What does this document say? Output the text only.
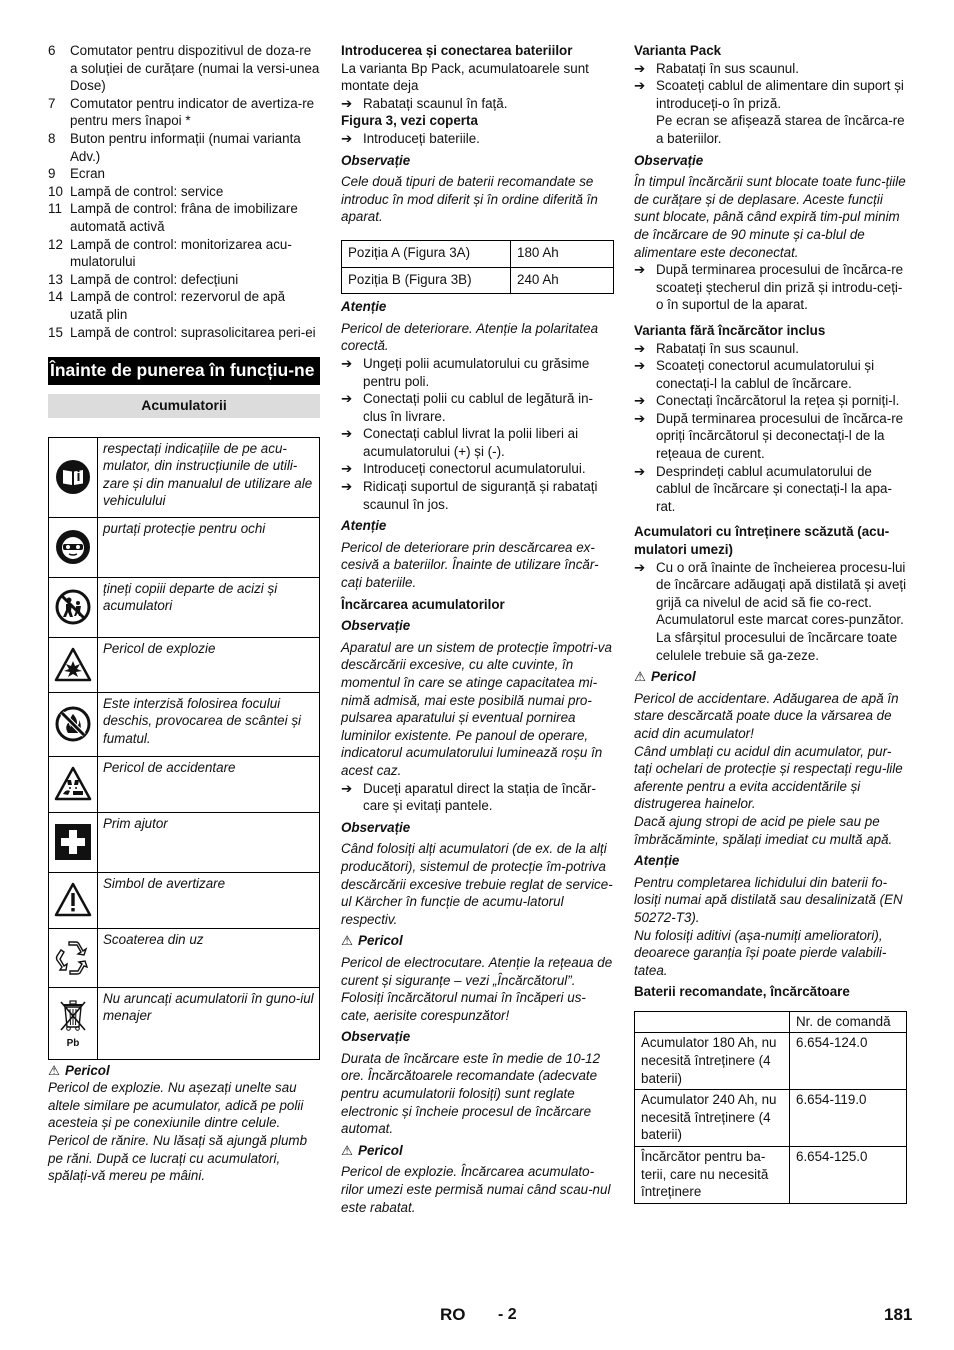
6	Comutator pentru dispozitivul de doza-re a soluției de curățare (numai la versi-unea Dose)
7	Comutator pentru indicator de avertiza-re pentru mers înapoi *
8	Buton pentru informații (numai varianta Adv.)
9	Ecran
10 Lampă de control: service
11 Lampă de control: frâna de imobilizare automată activă
12 Lampă de control: monitorizarea acu-mulatorului
13 Lampă de control: defecțiuni
14 Lampă de control: rezervorul de apă uzată plin
15 Lampă de control: suprasolicitarea peri-ei
Înainte de punerea în funcțiu-ne
Acumulatorii
	respectați indicațiile de pe acu-mulator, din instrucțiunile de utili-zare și din manualul de utilizare ale vehiculului

	purtați protecție pentru ochi

	țineți copiii departe de acizi și acumulatori

	Pericol de explozie

	Este interzisă folosirea focului deschis, provocarea de scântei și fumatul.

	Pericol de accidentare

	Prim ajutor

	Simbol de avertizare

	Scoaterea din uz

Pb	Nu aruncați acumulatorii în guno-iul menajer
⚠ Pericol

Pericol de explozie. Nu așezați unelte sau altele similare pe acumulator, adică pe polii acesteia și pe conexiunile dintre celule. Pericol de rănire. Nu lăsați să ajungă plumb pe răni. După ce lucrați cu acumulatori, spălați-vă mereu pe mâini.

Introducerea și conectarea bateriilor

La varianta Bp Pack, acumulatoarele sunt montate deja

➔ Rabatați scaunul în față.
Figura 3, vezi coperta
➔ Introduceți bateriile.
Observație

Cele două tipuri de baterii recomandate se introduc în mod diferit și în ordine diferită în aparat.

Poziția A (Figura 3A)	180 Ah
Poziția B (Figura 3B)	240 Ah
Atenție

Pericol de deteriorare. Atenție la polaritatea corectă.

➔ Ungeți polii acumulatorului cu grăsime pentru poli.
➔ Conectați polii cu cablul de legătură in-clus în livrare.
➔ Conectați cablul livrat la polii liberi ai acumulatorului (+) și (-).
➔ Introduceți conectorul acumulatorului.
➔ Ridicați suportul de siguranță și rabatați scaunul în jos.
Atenție

Pericol de deteriorare prin descărcarea ex-cesivă a bateriilor. Înainte de utilizare încăr-cați bateriile.

Încărcarea acumulatorilor
Observație

Aparatul are un sistem de protecție împotri-va descărcării excesive, cu alte cuvinte, în momentul în care se atinge capacitatea mi-nimă admisă, mai este posibilă numai pro-pulsarea aparatului și eventual pornirea luminilor existente. Pe panoul de operare, indicatorul acumulatorului luminează roșu în acest caz.

➔ Duceți aparatul direct la stația de încăr-care și evitați pantele.
Observație

Când folosiți alți acumulatori (de ex. de la alți producători), sistemul de protecție îm-potriva descărcării excesive trebuie reglat de service-ul Kärcher în funcție de acumu-latorul respectiv.

⚠ Pericol

Pericol de electrocutare. Atenție la rețeaua de curent și siguranțe – vezi „Încărcătorul”. Folosiți încărcătorul numai în încăperi us-cate, aerisite corespunzător!

Observație

Durata de încărcare este în medie de 10-12 ore. Încărcătoarele recomandate (adecvate pentru acumulatorii folosiți) sunt reglate electronic și încheie procesul de încărcare automat.

⚠ Pericol

Pericol de explozie. Încărcarea acumulato-rilor umezi este permisă numai când scau-nul este rabatat.

Varianta Pack
➔ Rabatați în sus scaunul.
➔ Scoateți cablul de alimentare din suport și introduceți-o în priză.
Pe ecran se afișează starea de încărca-re a bateriilor.
Observație

În timpul încărcării sunt blocate toate func-țiile de curățare și de deplasare. Aceste funcții sunt blocate, până când expiră tim-pul minim de încărcare de 90 minute și ca-blul de alimentare este deconectat.

➔ După terminarea procesului de încărca-re scoateți ștecherul din priză și introdu-ceți-o în suportul de la aparat.
Varianta fără încărcător inclus
➔ Rabatați în sus scaunul.
➔ Scoateți conectorul acumulatorului și conectați-l la cablul de încărcare.
➔ Conectați încărcătorul la rețea și porniți-l.
➔ După terminarea procesului de încărca-re opriți încărcătorul și deconectați-l de la rețeaua de curent.
➔ Desprindeți cablul acumulatorului de cablul de încărcare și conectați-l la apa-rat.
Acumulatori cu întreținere scăzută (acu-mulatori umezi)
➔ Cu o oră înainte de încheierea procesu-lui de încărcare adăugați apă distilată și aveți grijă ca nivelul de acid să fie co-rect. Acumulatorul este marcat cores-punzător. La sfârșitul procesului de încărcare toate celulele trebuie să ga-zeze.
⚠ Pericol

Pericol de accidentare. Adăugarea de apă în stare descărcată poate duce la vărsarea de acid din acumulator!

Când umblați cu acidul din acumulator, pur-tați ochelari de protecție și respectați regu-lile aferente pentru a evita accidentările și distrugerea hainelor.

Dacă ajung stropi de acid pe piele sau pe îmbrăcăminte, spălați imediat cu multă apă.

Atenție

Pentru completarea lichidului din baterii fo-losiți numai apă distilată sau desalinizată (EN 50272-T3).

Nu folosiți aditivi (așa-numiți amelioratori), deoarece garanția își poate pierde valabili-tatea.

Baterii recomandate, încărcătoare
	Nr. de comandă
Acumulator 180 Ah, nu necesită întreținere (4 baterii)	6.654-124.0
Acumulator 240 Ah, nu necesită întreținere (4 baterii)	6.654-119.0
Încărcător pentru ba-terii, care nu necesită întreținere	6.654-125.0
RO - 2	181
